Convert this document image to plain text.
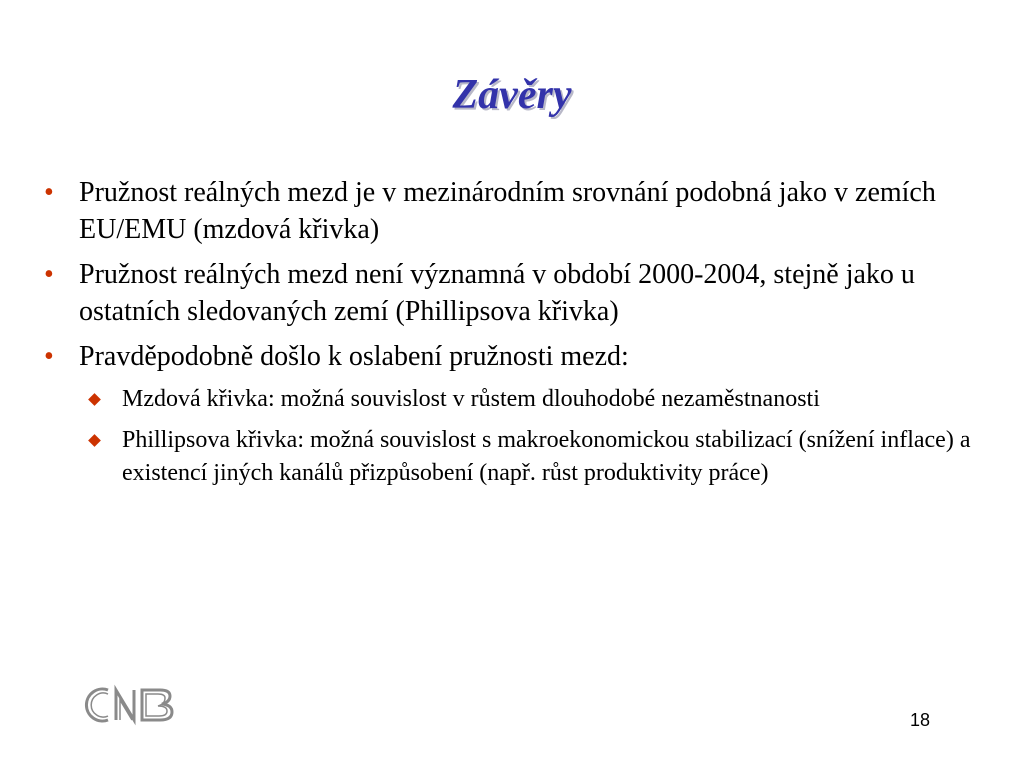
Závěry
• Pružnost reálných mezd je v mezinárodním srovnání podobná jako v zemích EU/EMU (mzdová křivka)
• Pružnost reálných mezd není významná v období 2000-2004, stejně jako u ostatních sledovaných zemí (Phillipsova křivka)
• Pravděpodobně došlo k oslabení pružnosti mezd:
Mzdová křivka: možná souvislost v růstem dlouhodobé nezaměstnanosti
Phillipsova křivka: možná souvislost s makroekonomickou stabilizací (snížení inflace) a existencí jiných kanálů přizpůsobení (např. růst produktivity práce)
18
